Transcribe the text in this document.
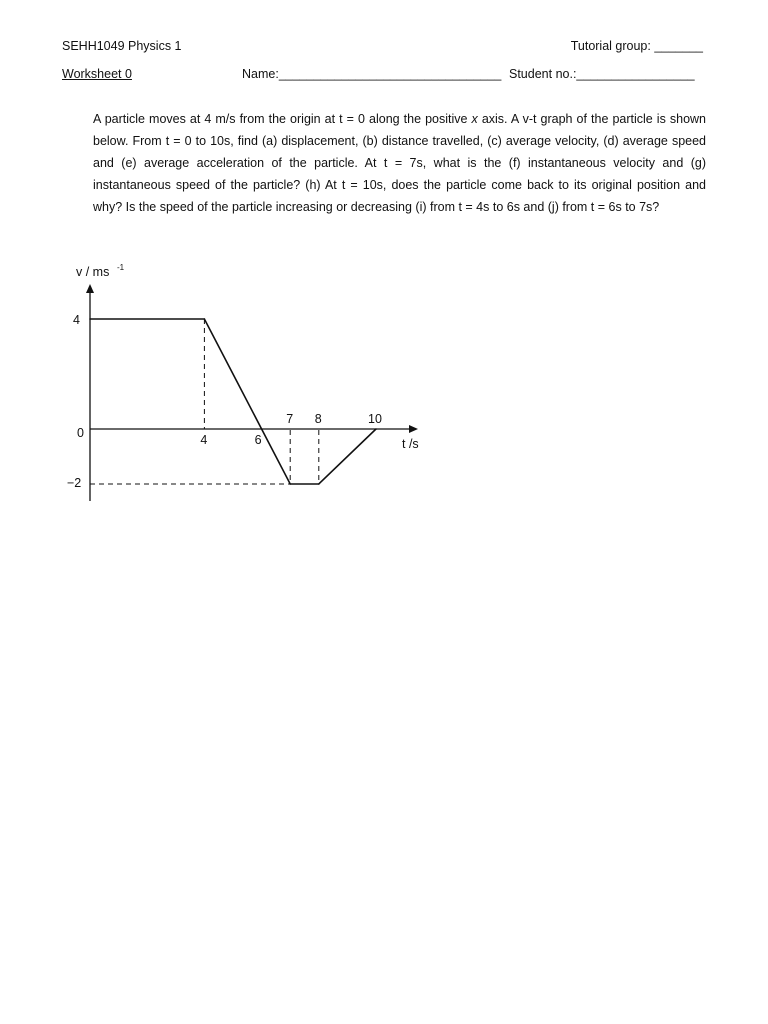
SEHH1049 Physics 1	Tutorial group: _______
Worksheet 0	Name:________________________________ Student no.:_________________
A particle moves at 4 m/s from the origin at t = 0 along the positive x axis. A v-t graph of the particle is shown below. From t = 0 to 10s, find (a) displacement, (b) distance travelled, (c) average velocity, (d) average speed and (e) average acceleration of the particle. At t = 7s, what is the (f) instantaneous velocity and (g) instantaneous speed of the particle? (h) At t = 10s, does the particle come back to its original position and why? Is the speed of the particle increasing or decreasing (i) from t = 4s to 6s and (j) from t = 6s to 7s?
v / ms -1
4	6
7 8	10
4
0
−2
t /s
